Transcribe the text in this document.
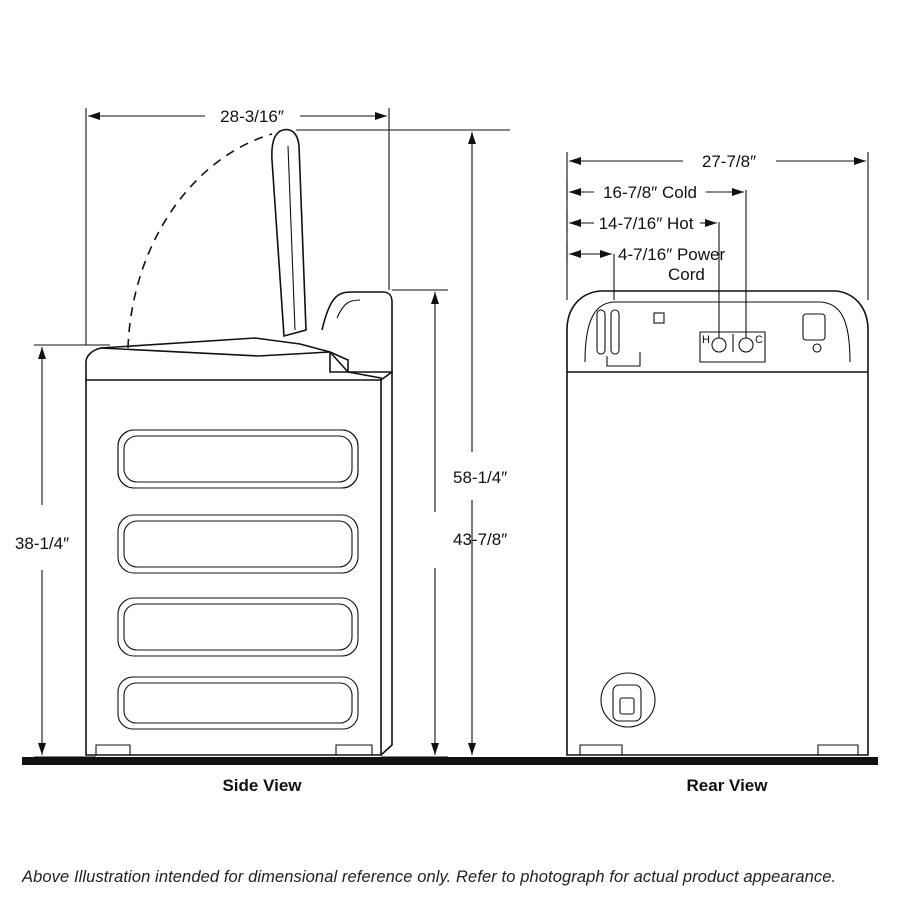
28-3/16″
38-1/4″	43-7/8″
58-1/4″
Side View
H	C
27-7/8″
16-7/8″ Cold
14-7/16″ Hot
4-7/16″ Power
Cord
Rear View
Above Illustration intended for dimensional reference only. Refer to photograph for actual product appearance.
